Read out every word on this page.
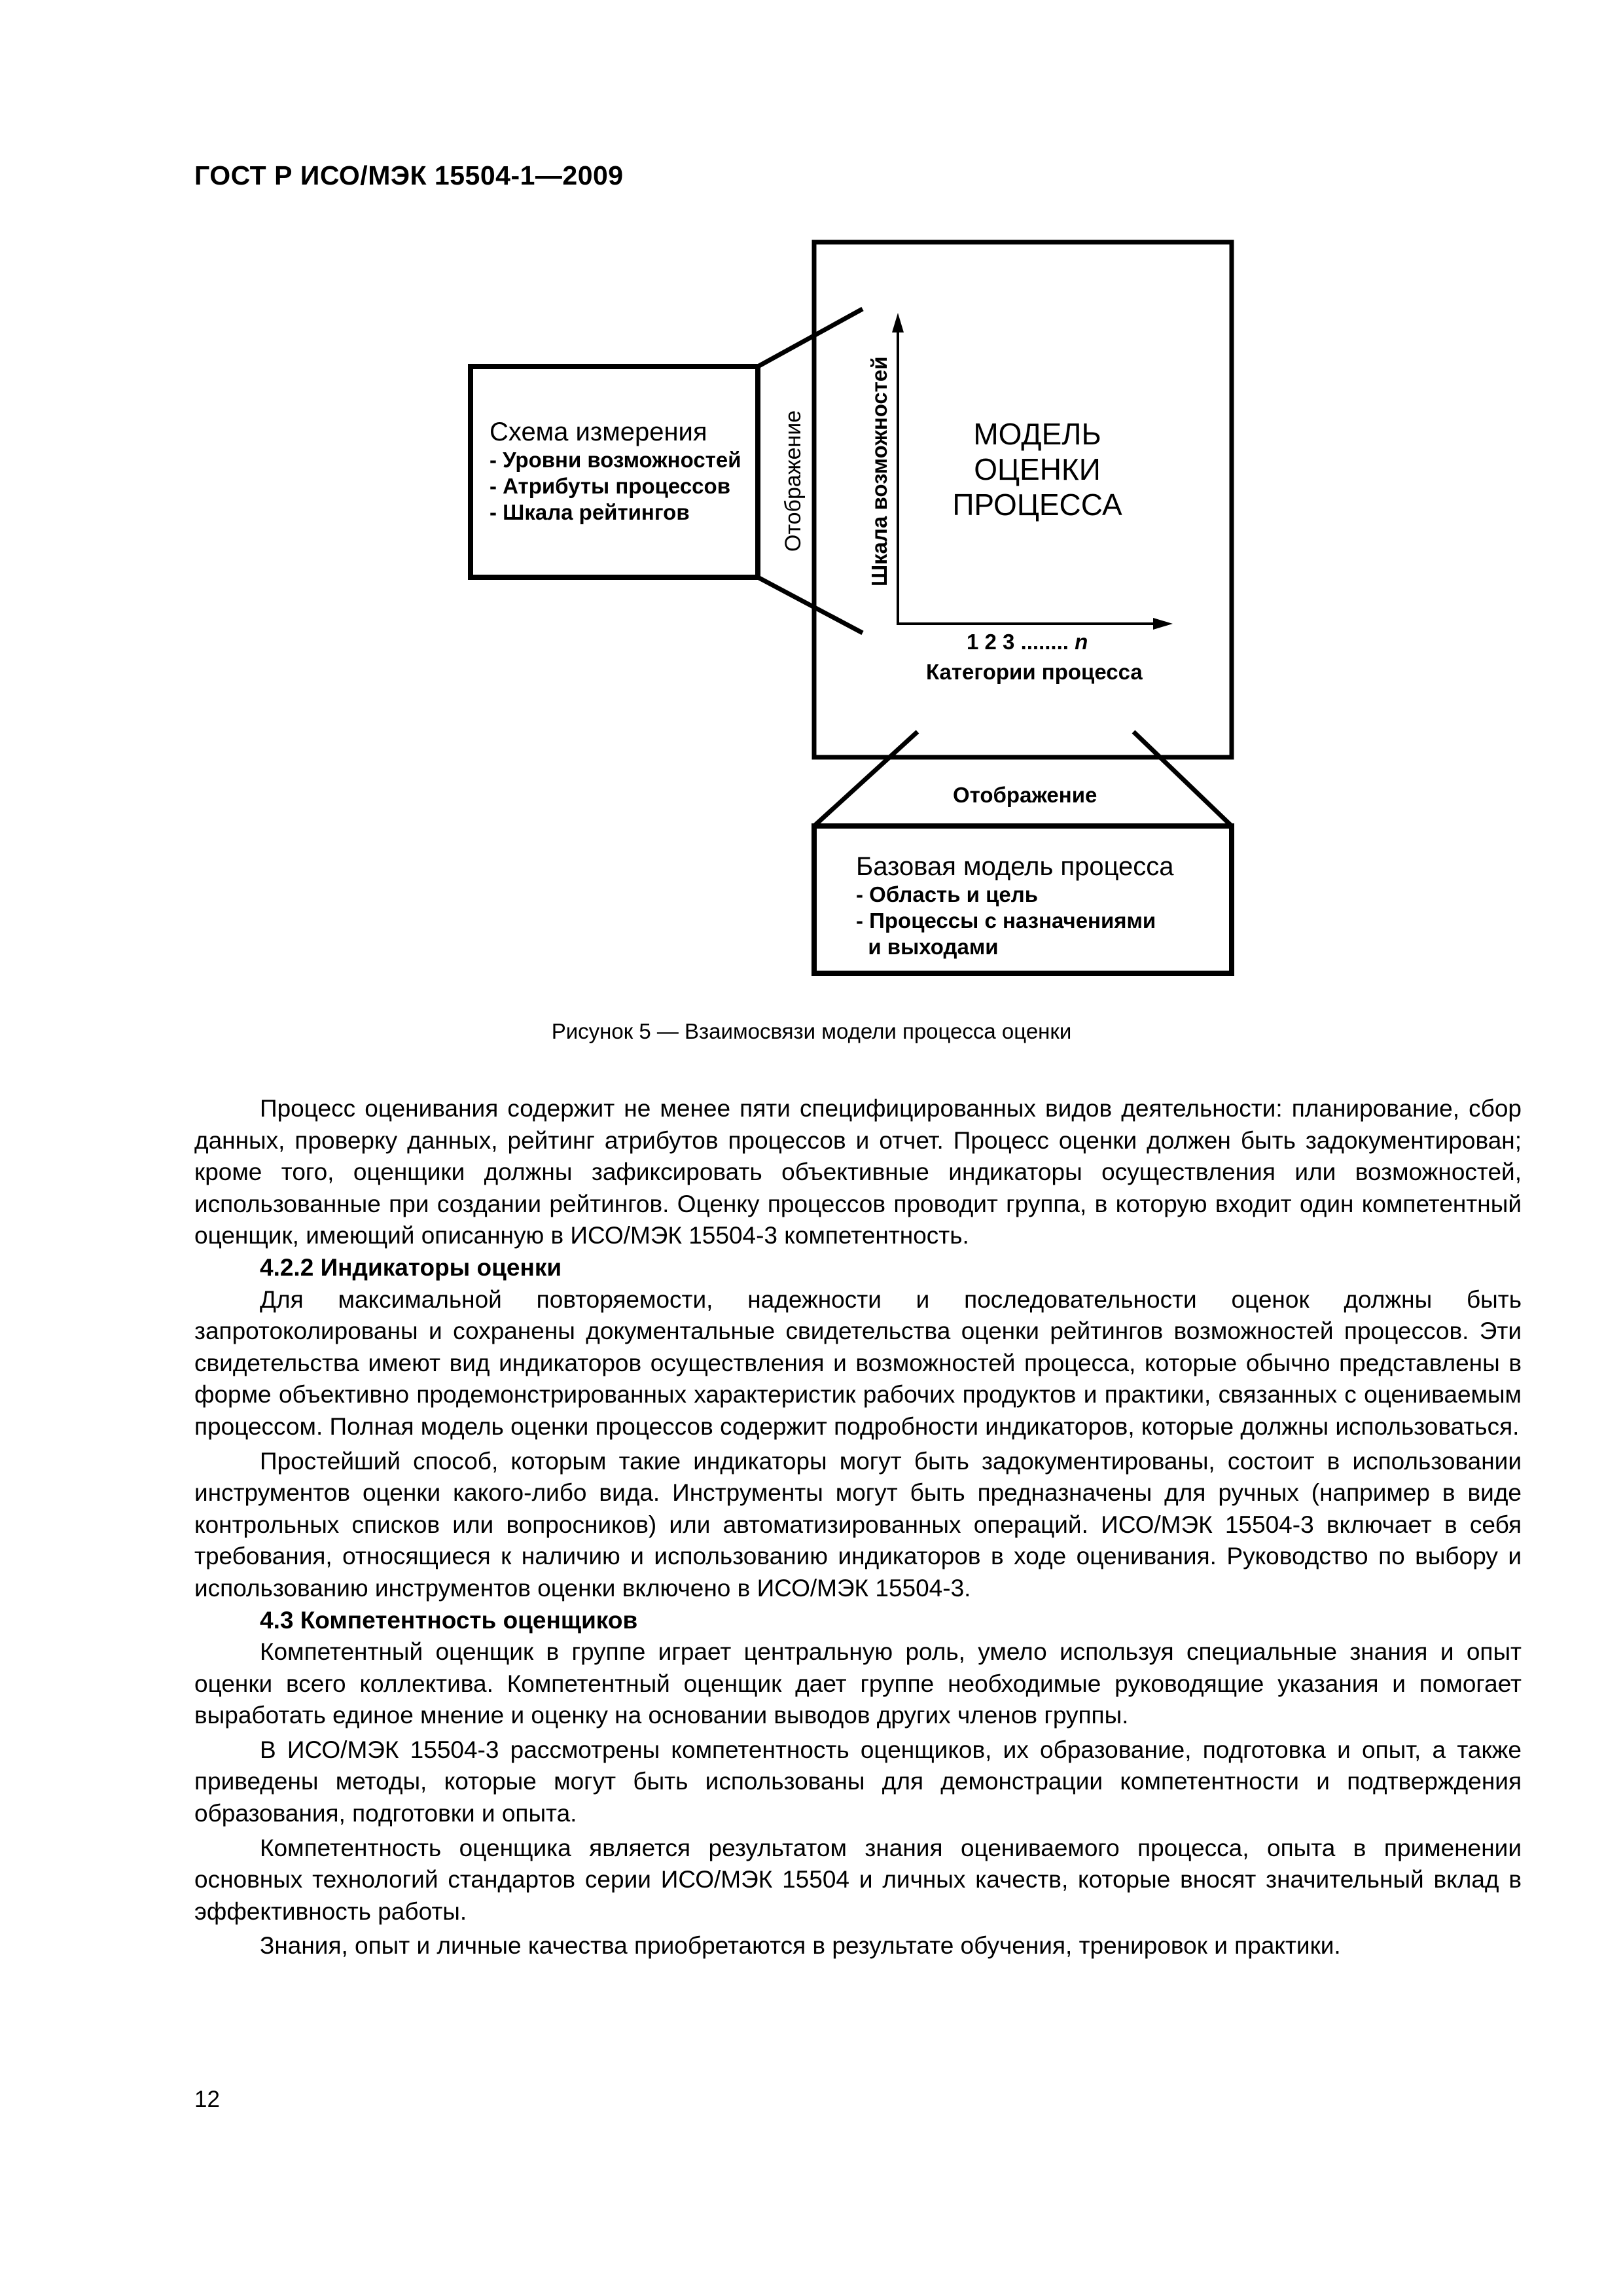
ГОСТ Р ИСО/МЭК 15504-1—2009
Схема измерения
- Уровни возможностей
- Атрибуты процессов
- Шкала рейтингов	Отображение	Шкала возможностей	МОДЕЛЬ
ОЦЕНКИ
ПРОЦЕССА
1 2 3 ........ n
Категории процесса
Отображение
Базовая модель процесса
- Область и цель
- Процессы с назначениями
и выходами
Рисунок 5 — Взаимосвязи модели процесса оценки

Процесс оценивания содержит не менее пяти специфицированных видов деятельности: планирование, сбор данных, проверку данных, рейтинг атрибутов процессов и отчет. Процесс оценки должен быть задокументирован; кроме того, оценщики должны зафиксировать объективные индикаторы осуществления или возможностей, использованные при создании рейтингов. Оценку процессов проводит группа, в которую входит один компетентный оценщик, имеющий описанную в ИСО/МЭК 15504-3 компетентность.

4.2.2 Индикаторы оценки

Для максимальной повторяемости, надежности и последовательности оценок должны быть запротоколированы и сохранены документальные свидетельства оценки рейтингов возможностей процессов. Эти свидетельства имеют вид индикаторов осуществления и возможностей процесса, которые обычно представлены в форме объективно продемонстрированных характеристик рабочих продуктов и практики, связанных с оцениваемым процессом. Полная модель оценки процессов содержит подробности индикаторов, которые должны использоваться.

Простейший способ, которым такие индикаторы могут быть задокументированы, состоит в использовании инструментов оценки какого-либо вида. Инструменты могут быть предназначены для ручных (например в виде контрольных списков или вопросников) или автоматизированных операций. ИСО/МЭК 15504-3 включает в себя требования, относящиеся к наличию и использованию индикаторов в ходе оценивания. Руководство по выбору и использованию инструментов оценки включено в ИСО/МЭК 15504-3.

4.3 Компетентность оценщиков

Компетентный оценщик в группе играет центральную роль, умело используя специальные знания и опыт оценки всего коллектива. Компетентный оценщик дает группе необходимые руководящие указания и помогает выработать единое мнение и оценку на основании выводов других членов группы.

В ИСО/МЭК 15504-3 рассмотрены компетентность оценщиков, их образование, подготовка и опыт, а также приведены методы, которые могут быть использованы для демонстрации компетентности и подтверждения образования, подготовки и опыта.

Компетентность оценщика является результатом знания оцениваемого процесса, опыта в применении основных технологий стандартов серии ИСО/МЭК 15504 и личных качеств, которые вносят значительный вклад в эффективность работы.

Знания, опыт и личные качества приобретаются в результате обучения, тренировок и практики.

12
